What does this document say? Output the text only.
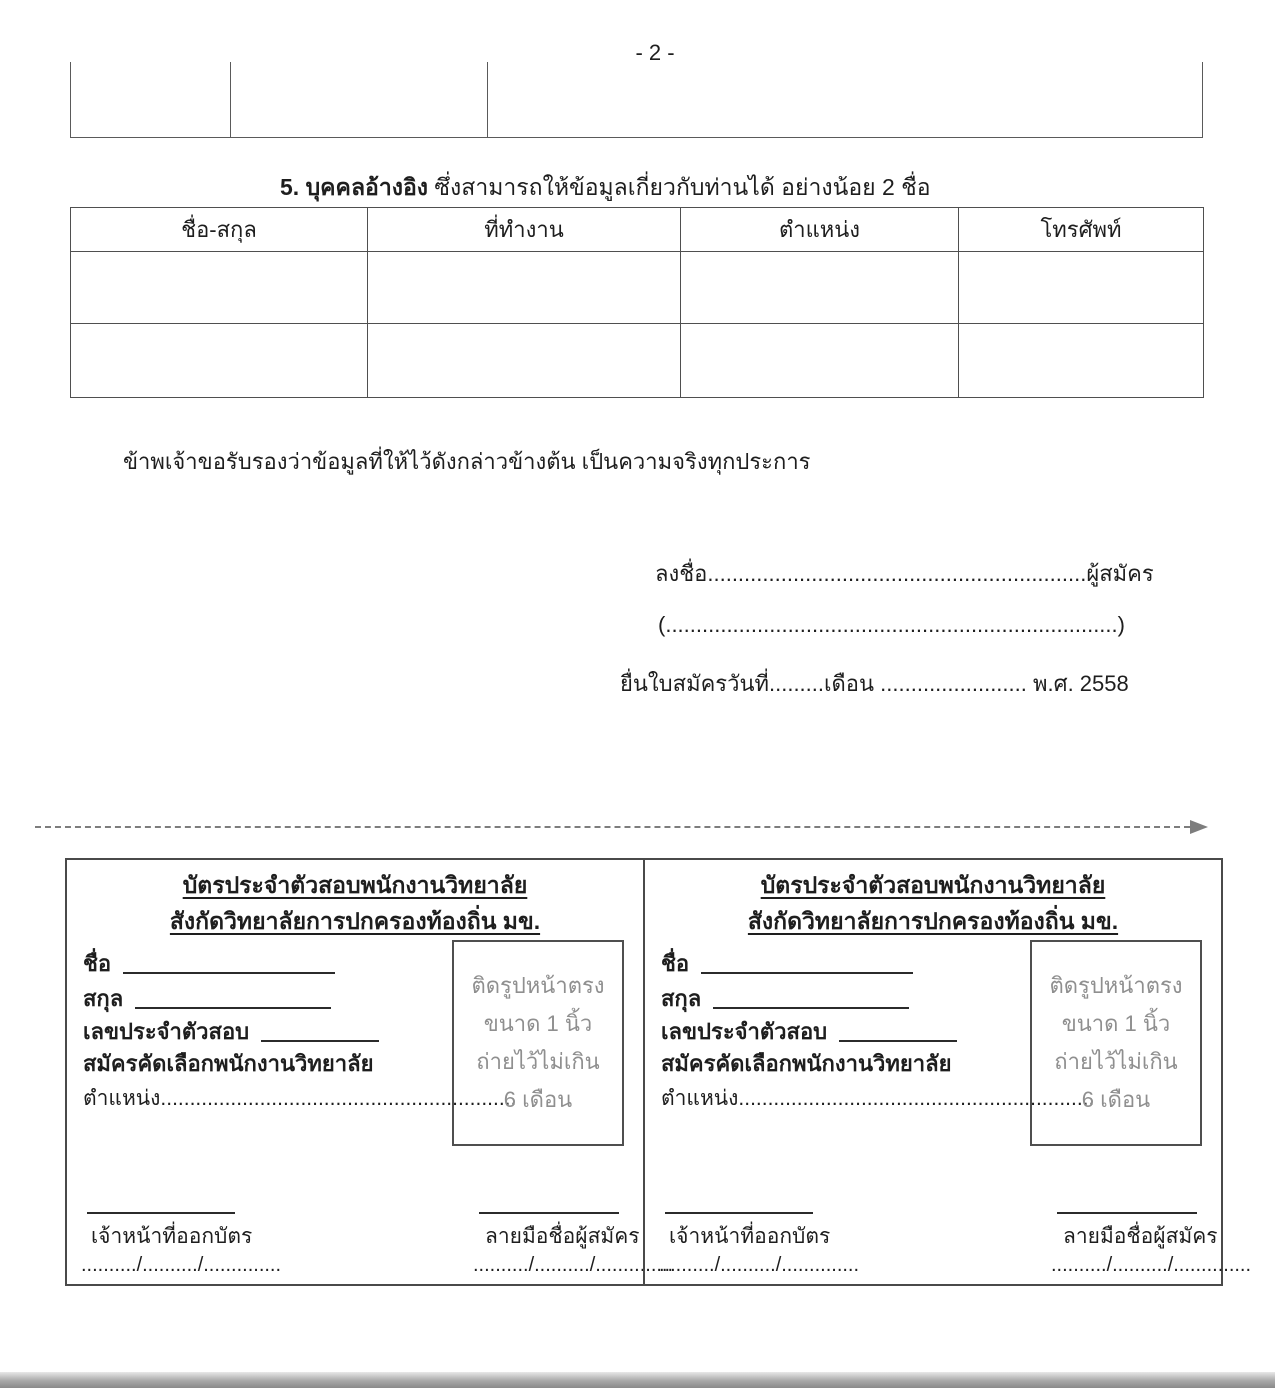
- 2 -
5. บุคคลอ้างอิง ซึ่งสามารถให้ข้อมูลเกี่ยวกับท่านได้ อย่างน้อย 2 ชื่อ
ชื่อ-สกุล	ที่ทำงาน	ตำแหน่ง	โทรศัพท์

ข้าพเจ้าขอรับรองว่าข้อมูลที่ให้ไว้ดังกล่าวข้างต้น เป็นความจริงทุกประการ
ลงชื่อ..............................................................ผู้สมัคร
(..........................................................................)
ยื่นใบสมัครวันที่.........เดือน ........................ พ.ศ. 2558
บัตรประจำตัวสอบพนักงานวิทยาลัย
สังกัดวิทยาลัยการปกครองท้องถิ่น มข.
ชื่อ
สกุล
เลขประจำตัวสอบ
สมัครคัดเลือกพนักงานวิทยาลัย
ตำแหน่ง.............................................................
ติดรูปหน้าตรง
ขนาด 1 นิ้ว
ถ่ายไว้ไม่เกิน
6 เดือน
เจ้าหน้าที่ออกบัตร
........../........../..............
ลายมือชื่อผู้สมัคร
........../........../..............
บัตรประจำตัวสอบพนักงานวิทยาลัย
สังกัดวิทยาลัยการปกครองท้องถิ่น มข.
ชื่อ
สกุล
เลขประจำตัวสอบ
สมัครคัดเลือกพนักงานวิทยาลัย
ตำแหน่ง.............................................................
ติดรูปหน้าตรง
ขนาด 1 นิ้ว
ถ่ายไว้ไม่เกิน
6 เดือน
เจ้าหน้าที่ออกบัตร
........../........../..............
ลายมือชื่อผู้สมัคร
........../........../..............
